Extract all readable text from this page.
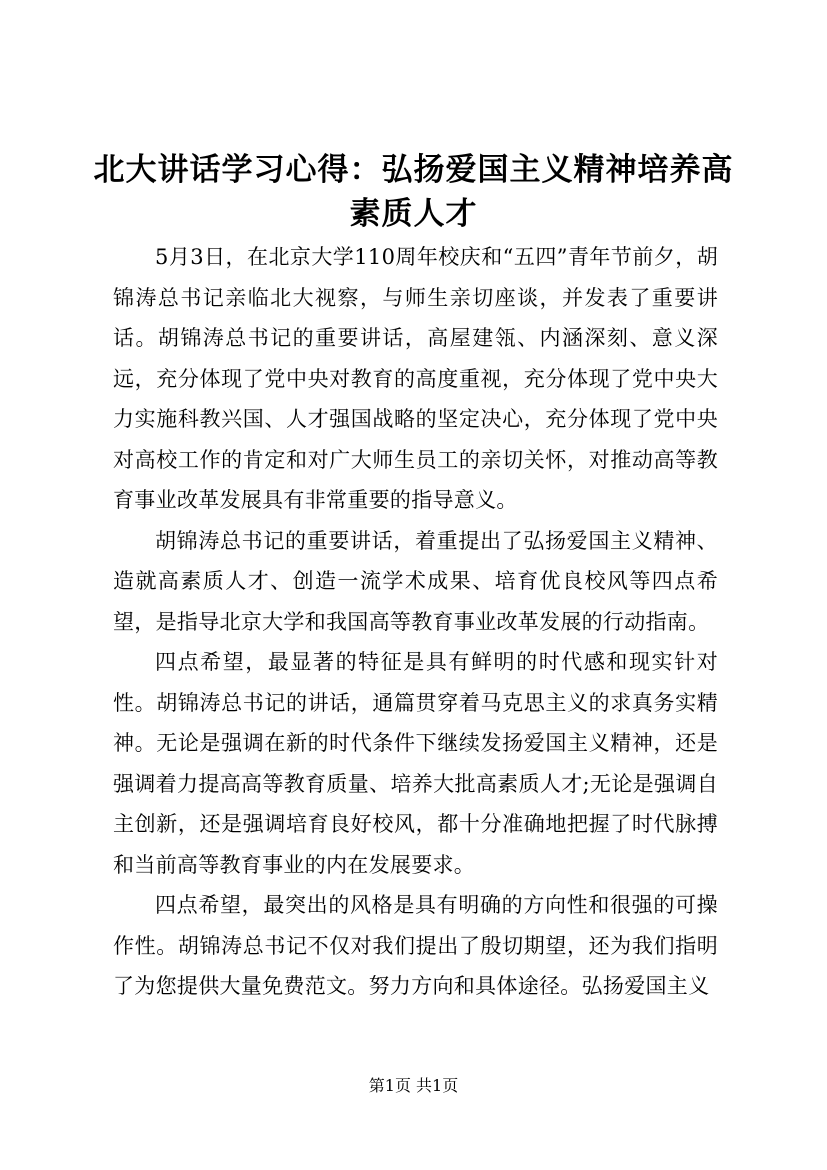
北大讲话学习心得：弘扬爱国主义精神培养高素质人才

5月3日，在北京大学110周年校庆和“五四”青年节前夕，胡锦涛总书记亲临北大视察，与师生亲切座谈，并发表了重要讲话。胡锦涛总书记的重要讲话，高屋建瓴、内涵深刻、意义深远，充分体现了党中央对教育的高度重视，充分体现了党中央大力实施科教兴国、人才强国战略的坚定决心，充分体现了党中央对高校工作的肯定和对广大师生员工的亲切关怀，对推动高等教育事业改革发展具有非常重要的指导意义。

胡锦涛总书记的重要讲话，着重提出了弘扬爱国主义精神、造就高素质人才、创造一流学术成果、培育优良校风等四点希望，是指导北京大学和我国高等教育事业改革发展的行动指南。

四点希望，最显著的特征是具有鲜明的时代感和现实针对性。胡锦涛总书记的讲话，通篇贯穿着马克思主义的求真务实精神。无论是强调在新的时代条件下继续发扬爱国主义精神，还是强调着力提高高等教育质量、培养大批高素质人才;无论是强调自主创新，还是强调培育良好校风，都十分准确地把握了时代脉搏和当前高等教育事业的内在发展要求。

四点希望，最突出的风格是具有明确的方向性和很强的可操作性。胡锦涛总书记不仅对我们提出了殷切期望，还为我们指明了为您提供大量免费范文。努力方向和具体途径。弘扬爱国主义

第1页 共1页
